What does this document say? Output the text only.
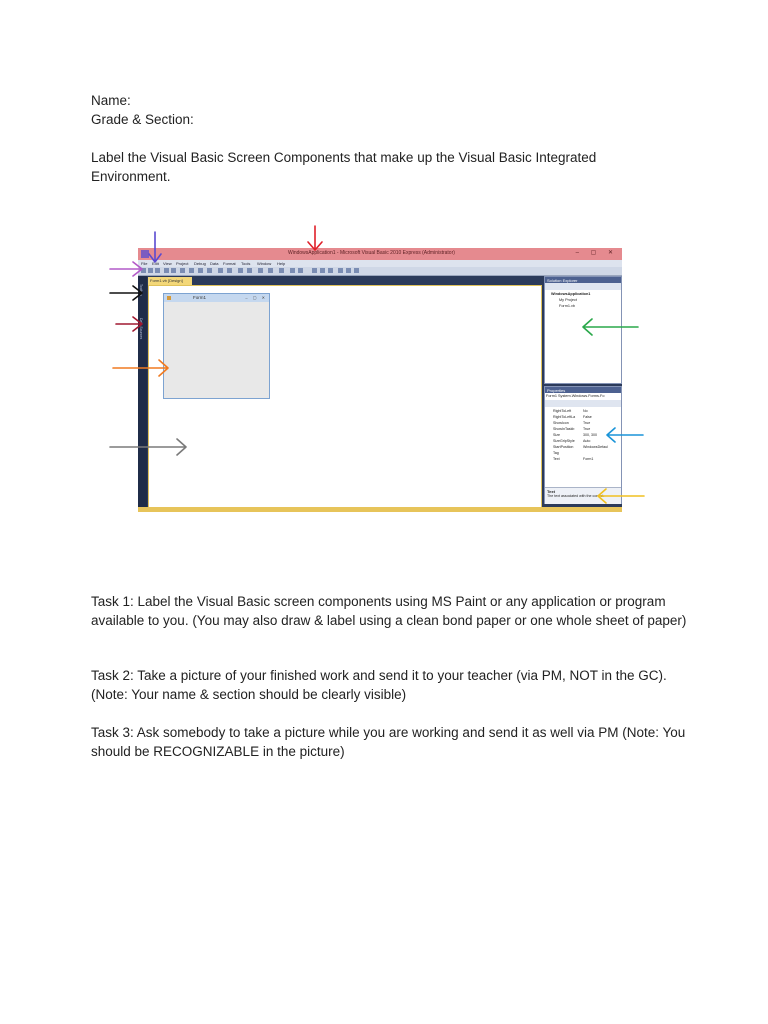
Name:

Grade & Section:

Label the Visual Basic Screen Components that make up the Visual Basic Integrated Environment.

WindowsApplication1 - Microsoft Visual Basic 2010 Express (Administrator)	– ▢ ✕
File Edit View Project Debug Data Format Tools Window Help
Toolbox
Data Sources
Form1.vb [Design]
Form1	– ▢ ✕
Solution Explorer
WindowsApplication1
My Project
Form1.vb
Properties
Form1 System.Windows.Forms.Fo
RightToLeft	No
RightToLeftLa False
ShowIcon	True
ShowInTaskb True
Size	300, 300
SizeGripStyle Auto
StartPosition	WindowsDefaul
Tag
Text	Form1
Text
The text associated with the control.

Task 1: Label the Visual Basic screen components using MS Paint or any application or program available to you. (You may also draw & label using a clean bond paper or one whole sheet of paper)

Task 2: Take a picture of your finished work and send it to your teacher (via PM, NOT in the GC). (Note: Your name & section should be clearly visible)

Task 3: Ask somebody to take a picture while you are working and send it as well via PM (Note: You should be RECOGNIZABLE in the picture)
